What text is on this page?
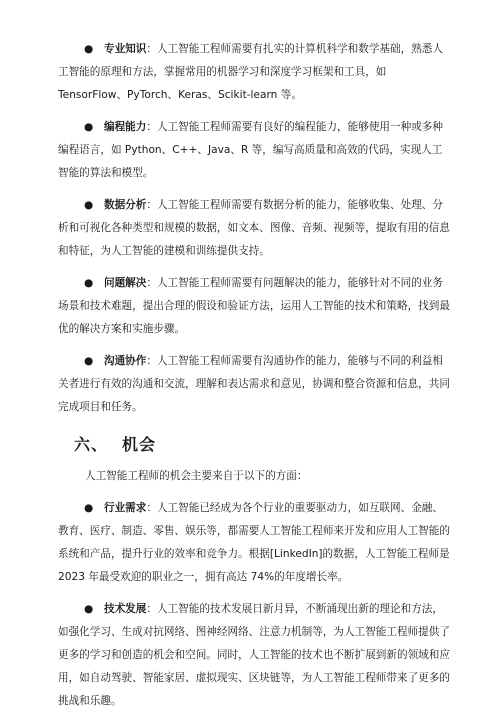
● 专业知识：人工智能工程师需要有扎实的计算机科学和数学基础，熟悉人工智能的原理和方法，掌握常用的机器学习和深度学习框架和工具，如 TensorFlow、PyTorch、Keras、Scikit-learn 等。

● 编程能力：人工智能工程师需要有良好的编程能力，能够使用一种或多种编程语言，如 Python、C++、Java、R 等，编写高质量和高效的代码，实现人工智能的算法和模型。

● 数据分析：人工智能工程师需要有数据分析的能力，能够收集、处理、分析和可视化各种类型和规模的数据，如文本、图像、音频、视频等，提取有用的信息和特征，为人工智能的建模和训练提供支持。

● 问题解决：人工智能工程师需要有问题解决的能力，能够针对不同的业务场景和技术难题，提出合理的假设和验证方法，运用人工智能的技术和策略，找到最优的解决方案和实施步骤。

● 沟通协作：人工智能工程师需要有沟通协作的能力，能够与不同的利益相关者进行有效的沟通和交流，理解和表达需求和意见，协调和整合资源和信息，共同完成项目和任务。

六、 机会

人工智能工程师的机会主要来自于以下的方面：

● 行业需求：人工智能已经成为各个行业的重要驱动力，如互联网、金融、教育、医疗、制造、零售、娱乐等，都需要人工智能工程师来开发和应用人工智能的系统和产品，提升行业的效率和竞争力。根据[LinkedIn]的数据，人工智能工程师是 2023 年最受欢迎的职业之一，拥有高达 74%的年度增长率。

● 技术发展：人工智能的技术发展日新月异，不断涌现出新的理论和方法，如强化学习、生成对抗网络、图神经网络、注意力机制等，为人工智能工程师提供了更多的学习和创造的机会和空间。同时，人工智能的技术也不断扩展到新的领域和应用，如自动驾驶、智能家居、虚拟现实、区块链等，为人工智能工程师带来了更多的挑战和乐趣。
